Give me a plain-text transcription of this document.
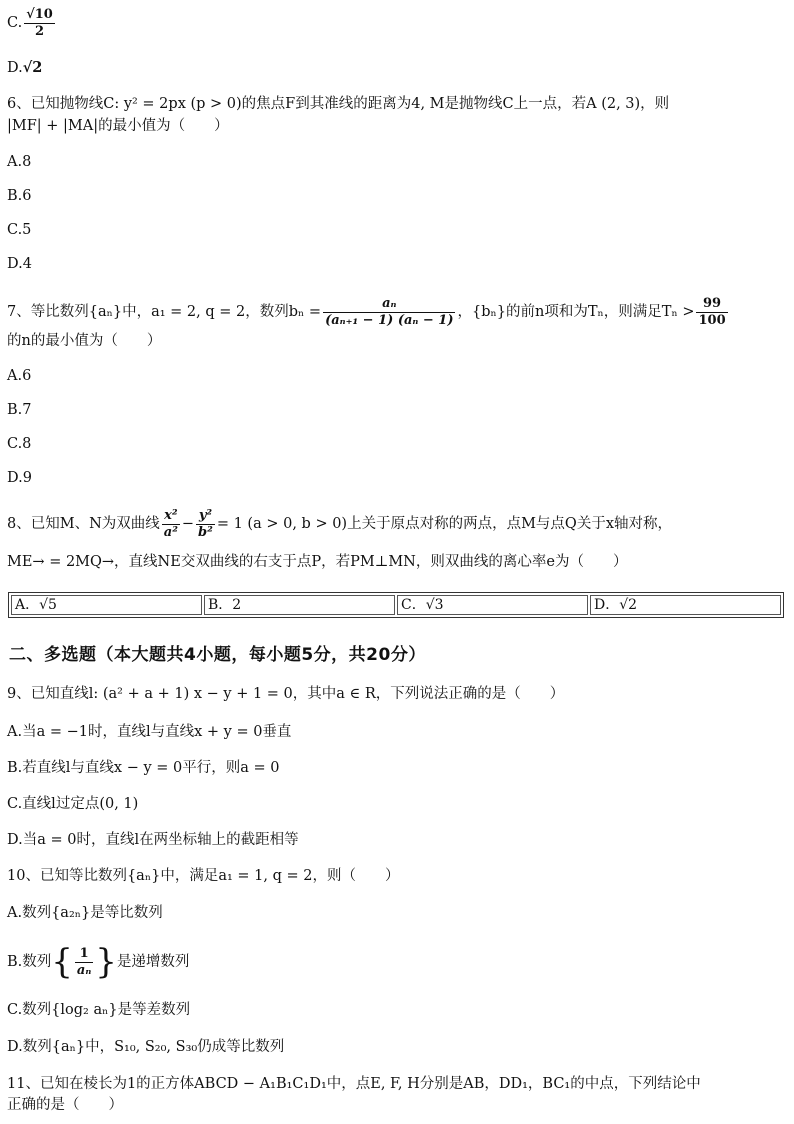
C. $\frac{√10}{2}$
D.√2
6、已知抛物线C: y² = 2px (p > 0)的焦点F到其准线的距离为4, M是抛物线C上一点，若A (2, 3)，则
|MF| + |MA|的最小值为（　　）
A.8
B.6
C.5
D.4
7、等比数列{aₙ}中，a₁ = 2, q = 2，数列$b_n = \frac{\text{aₙ}}{\text{(aₙ₊₁ − 1) (aₙ − 1)}}$ ，{bₙ}的前n项和为Tₙ，则满足$T_n > \frac{99}{100}$
的n的最小值为（　　）
A.6
B.7
C.8
D.9
8、已知M、N为双曲线 $\frac{\text{x²}}{\text{a²}} - \frac{\text{y²}}{\text{b²}} = 1$ (a > 0, b > 0)上关于原点对称的两点，点M与点Q关于x轴对称，
ME→ = 2MQ→，直线NE交双曲线的右支于点P，若PM⊥MN，则双曲线的离心率e为（　　）
A．√5	B．2	C．√3	D．√2
二、多选题（本大题共4小题，每小题5分，共20分）
9、已知直线l: (a² + a + 1) x − y + 1 = 0，其中a ∈ R，下列说法正确的是（　　）
A.当a = −1时，直线l与直线x + y = 0垂直
B.若直线l与直线x − y = 0平行，则a = 0
C.直线l过定点(0, 1)
D.当a = 0时，直线l在两坐标轴上的截距相等
10、已知等比数列{aₙ}中，满足a₁ = 1, q = 2，则（　　）
A.数列{a₂ₙ}是等比数列
B.数列{ $\frac{1}{\text{aₙ}}$ }是递增数列
C.数列{log₂ aₙ}是等差数列
D.数列{aₙ}中，S₁₀, S₂₀, S₃₀仍成等比数列
11、已知在棱长为1的正方体ABCD − A₁B₁C₁D₁中，点E, F, H分别是AB，DD₁，BC₁的中点，下列结论中
正确的是（　　）
